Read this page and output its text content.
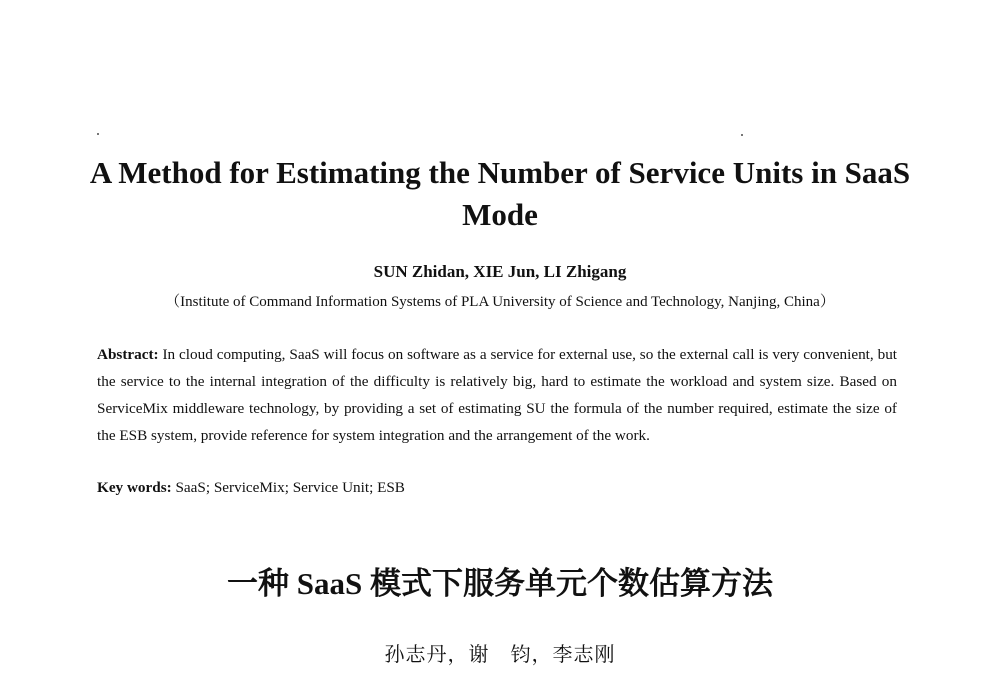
A Method for Estimating the Number of Service Units in SaaS Mode
SUN Zhidan, XIE Jun, LI Zhigang
（Institute of Command Information Systems of PLA University of Science and Technology, Nanjing, China）
Abstract: In cloud computing, SaaS will focus on software as a service for external use, so the external call is very convenient, but the service to the internal integration of the difficulty is relatively big, hard to estimate the workload and system size. Based on ServiceMix middleware technology, by providing a set of estimating SU the formula of the number required, estimate the size of the ESB system, provide reference for system integration and the arrangement of the work.
Key words: SaaS; ServiceMix; Service Unit; ESB
一种 SaaS 模式下服务单元个数估算方法
孙志丹，谢　钧，李志刚
